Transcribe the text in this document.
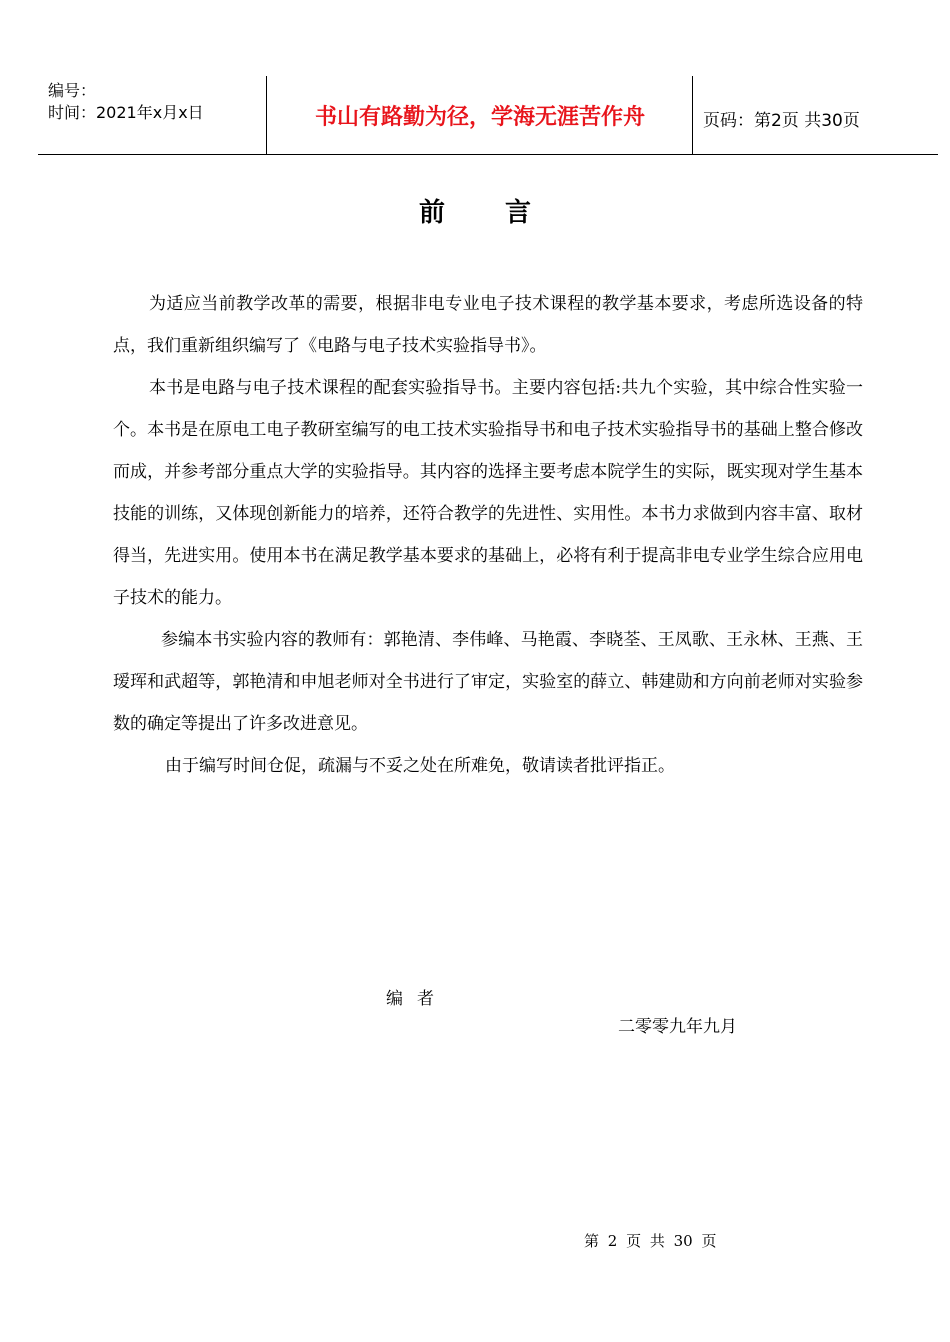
编号：
时间：2021年x月x日	书山有路勤为径，学海无涯苦作舟	页码：第2页 共30页
前言

为适应当前教学改革的需要，根据非电专业电子技术课程的教学基本要求，考虑所选设备的特点，我们重新组织编写了《电路与电子技术实验指导书》。

本书是电路与电子技术课程的配套实验指导书。主要内容包括:共九个实验，其中综合性实验一个。本书是在原电工电子教研室编写的电工技术实验指导书和电子技术实验指导书的基础上整合修改而成，并参考部分重点大学的实验指导。其内容的选择主要考虑本院学生的实际，既实现对学生基本技能的训练，又体现创新能力的培养，还符合教学的先进性、实用性。本书力求做到内容丰富、取材得当，先进实用。使用本书在满足教学基本要求的基础上，必将有利于提高非电专业学生综合应用电子技术的能力。

参编本书实验内容的教师有：郭艳清、李伟峰、马艳霞、李晓荃、王凤歌、王永林、王燕、王瑷珲和武超等，郭艳清和申旭老师对全书进行了审定，实验室的薛立、韩建勋和方向前老师对实验参数的确定等提出了许多改进意见。

由于编写时间仓促，疏漏与不妥之处在所难免，敬请读者批评指正。

编者
二零零九年九月
第 2 页 共 30 页
